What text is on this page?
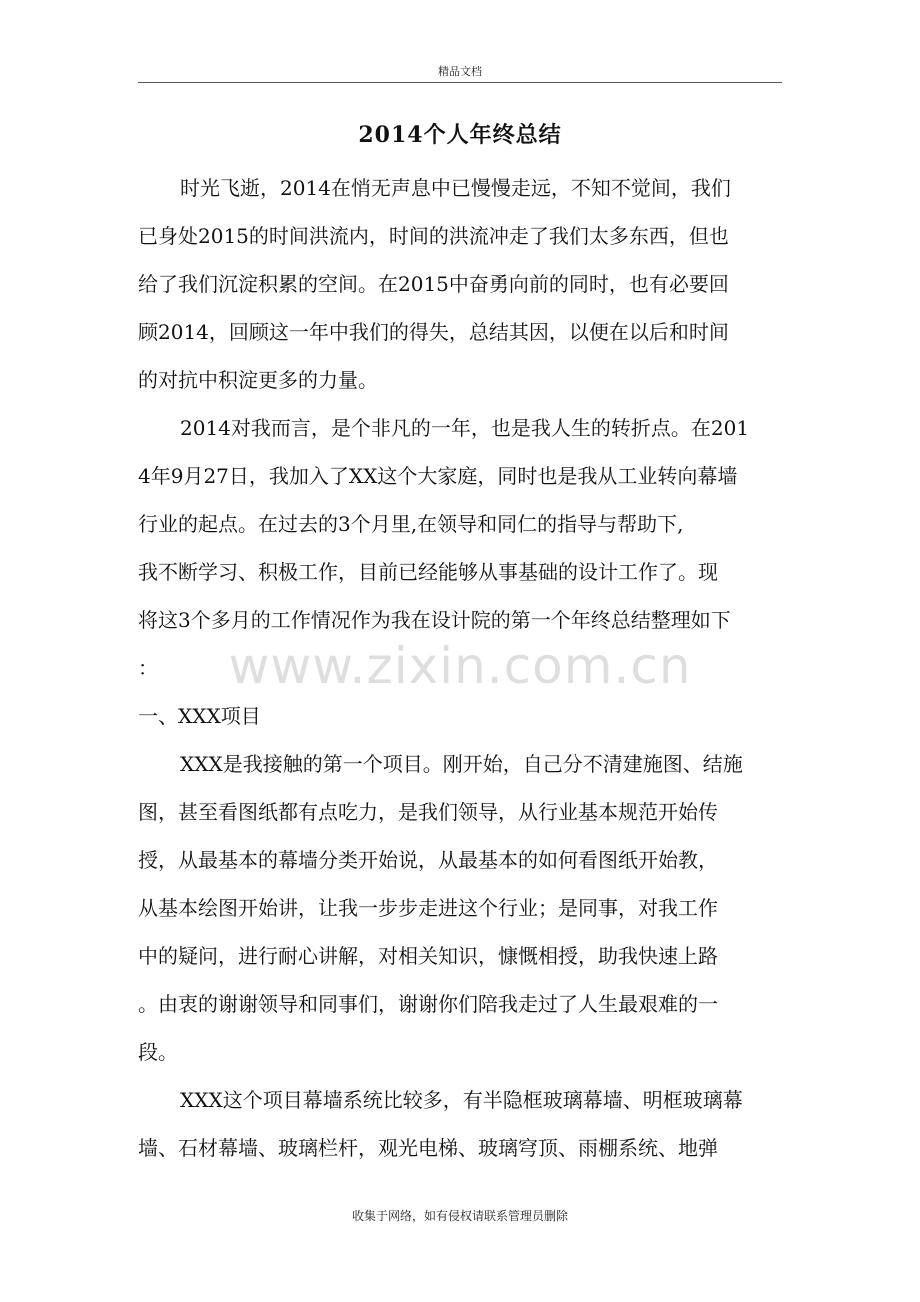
精品文档
2014个人年终总结
时光飞逝，2014在悄无声息中已慢慢走远，不知不觉间，我们
已身处2015的时间洪流内，时间的洪流冲走了我们太多东西，但也
给了我们沉淀积累的空间。在2015中奋勇向前的同时，也有必要回
顾2014，回顾这一年中我们的得失，总结其因，以便在以后和时间
的对抗中积淀更多的力量。
2014对我而言，是个非凡的一年，也是我人生的转折点。在201
4年9月27日，我加入了XX这个大家庭，同时也是我从工业转向幕墙
行业的起点。在过去的3个月里,在领导和同仁的指导与帮助下,
我不断学习、积极工作，目前已经能够从事基础的设计工作了。现
将这3个多月的工作情况作为我在设计院的第一个年终总结整理如下
：
一、XXX项目
XXX是我接触的第一个项目。刚开始，自己分不清建施图、结施
图，甚至看图纸都有点吃力，是我们领导，从行业基本规范开始传
授，从最基本的幕墙分类开始说，从最基本的如何看图纸开始教，
从基本绘图开始讲，让我一步步走进这个行业；是同事，对我工作
中的疑问，进行耐心讲解，对相关知识，慷慨相授，助我快速上路
。由衷的谢谢领导和同事们，谢谢你们陪我走过了人生最艰难的一
段。
XXX这个项目幕墙系统比较多，有半隐框玻璃幕墙、明框玻璃幕
墙、石材幕墙、玻璃栏杆，观光电梯、玻璃穹顶、雨棚系统、地弹
www.zixin.com.cn
收集于网络，如有侵权请联系管理员删除
